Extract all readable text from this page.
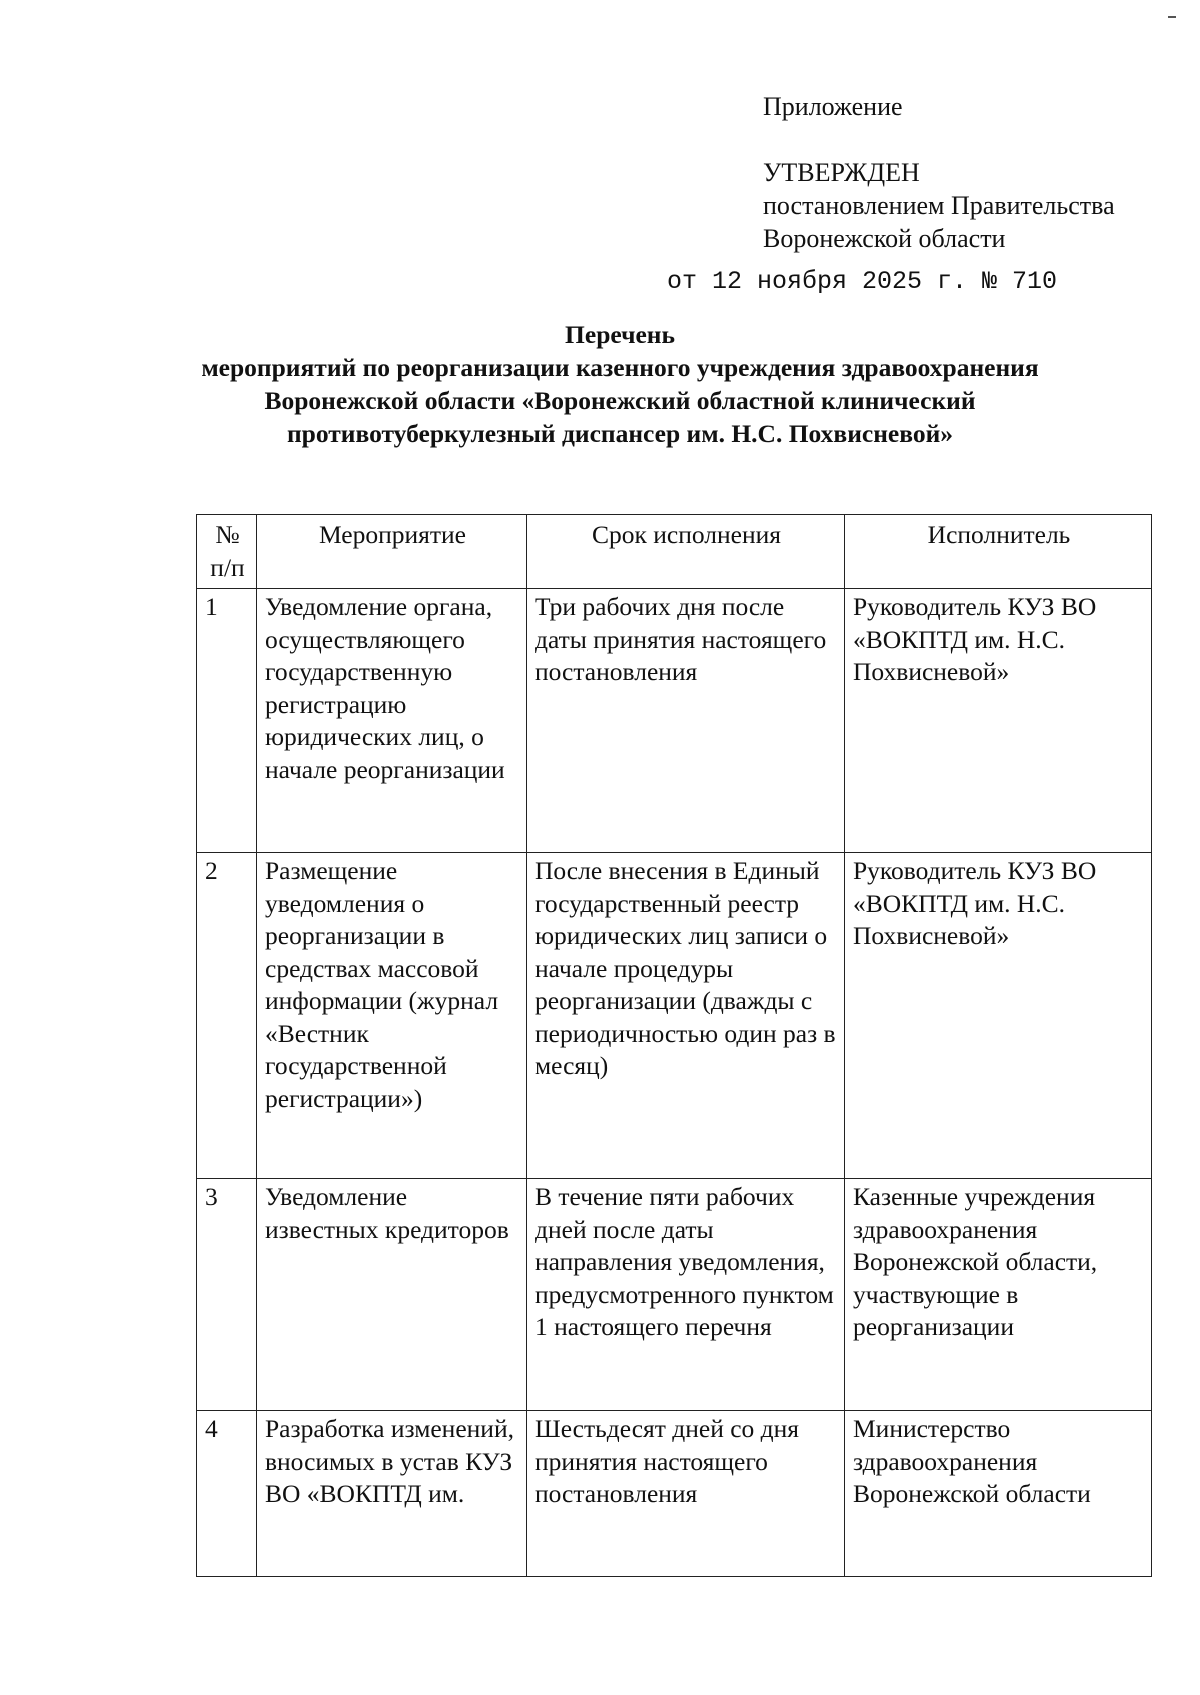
Приложение
УТВЕРЖДЕН
постановлением Правительства
Воронежской области
от 12 ноября 2025 г. № 710
Перечень
мероприятий по реорганизации казенного учреждения здравоохранения
Воронежской области «Воронежский областной клинический
противотуберкулезный диспансер им. Н.С. Похвисневой»
№ п/п	Мероприятие	Срок исполнения	Исполнитель
1	Уведомление органа, осуществляющего государственную регистрацию юридических лиц, о начале реорганизации	Три рабочих дня после даты принятия настоящего постановления	Руководитель КУЗ ВО «ВОКПТД им. Н.С. Похвисневой»
2	Размещение уведомления о реорганизации в средствах массовой информации (журнал «Вестник государственной регистрации»)	После внесения в Единый государственный реестр юридических лиц записи о начале процедуры реорганизации (дважды с периодичностью один раз в месяц)	Руководитель КУЗ ВО «ВОКПТД им. Н.С. Похвисневой»
3	Уведомление известных кредиторов	В течение пяти рабочих дней после даты направления уведомления, предусмотренного пунктом 1 настоящего перечня	Казенные учреждения здравоохранения Воронежской области, участвующие в реорганизации
4	Разработка изменений, вносимых в устав КУЗ ВО «ВОКПТД им.	Шестьдесят дней со дня принятия настоящего постановления	Министерство здравоохранения Воронежской области
